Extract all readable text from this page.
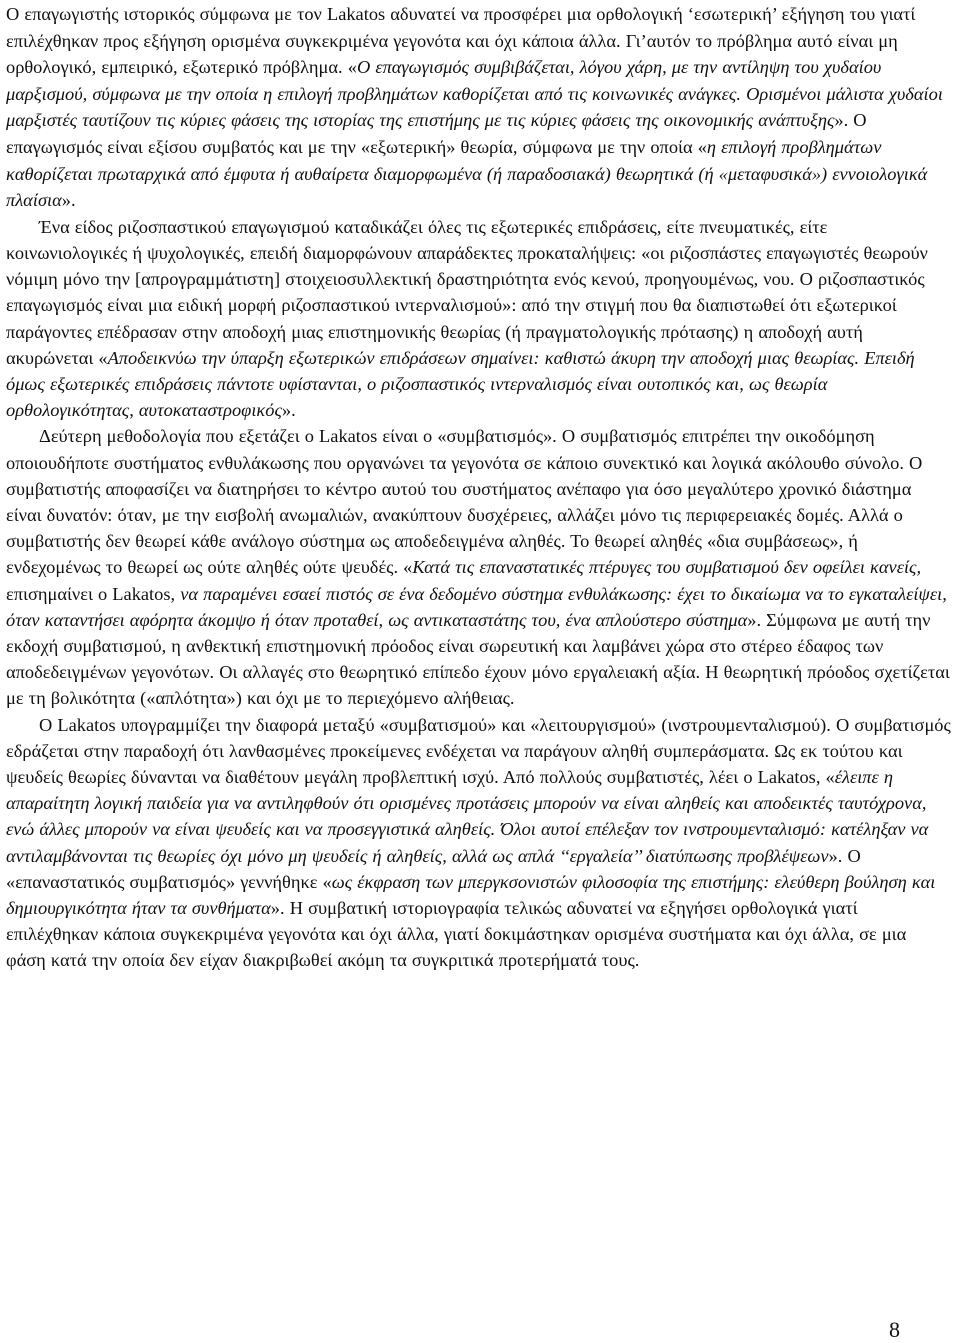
Ο επαγωγιστής ιστορικός σύμφωνα με τον Lakatos αδυνατεί να προσφέρει μια ορθολογική ‘εσωτερική’ εξήγηση του γιατί επιλέχθηκαν προς εξήγηση ορισμένα συγκεκριμένα γεγονότα και όχι κάποια άλλα. Γι’αυτόν το πρόβλημα αυτό είναι μη ορθολογικό, εμπειρικό, εξωτερικό πρόβλημα. «Ο επαγωγισμός συμβιβάζεται, λόγου χάρη, με την αντίληψη του χυδαίου μαρξισμού, σύμφωνα με την οποία η επιλογή προβλημάτων καθορίζεται από τις κοινωνικές ανάγκες. Ορισμένοι μάλιστα χυδαίοι μαρξιστές ταυτίζουν τις κύριες φάσεις της ιστορίας της επιστήμης με τις κύριες φάσεις της οικονομικής ανάπτυξης». Ο επαγωγισμός είναι εξίσου συμβατός και με την «εξωτερική» θεωρία, σύμφωνα με την οποία «η επιλογή προβλημάτων καθορίζεται πρωταρχικά από έμφυτα ή αυθαίρετα διαμορφωμένα (ή παραδοσιακά) θεωρητικά (ή «μεταφυσικά») εννοιολογικά πλαίσια».

Ένα είδος ριζοσπαστικού επαγωγισμού καταδικάζει όλες τις εξωτερικές επιδράσεις, είτε πνευματικές, είτε κοινωνιολογικές ή ψυχολογικές, επειδή διαμορφώνουν απαράδεκτες προκαταλήψεις: «οι ριζοσπάστες επαγωγιστές θεωρούν νόμιμη μόνο την [απρογραμμάτιστη] στοιχειοσυλλεκτική δραστηριότητα ενός κενού, προηγουμένως, νου. Ο ριζοσπαστικός επαγωγισμός είναι μια ειδική μορφή ριζοσπαστικού ιντερναλισμού»: από την στιγμή που θα διαπιστωθεί ότι εξωτερικοί παράγοντες επέδρασαν στην αποδοχή μιας επιστημονικής θεωρίας (ή πραγματολογικής πρότασης) η αποδοχή αυτή ακυρώνεται «Αποδεικνύω την ύπαρξη εξωτερικών επιδράσεων σημαίνει: καθιστώ άκυρη την αποδοχή μιας θεωρίας. Επειδή όμως εξωτερικές επιδράσεις πάντοτε υφίστανται, ο ριζοσπαστικός ιντερναλισμός είναι ουτοπικός και, ως θεωρία ορθολογικότητας, αυτοκαταστροφικός».

Δεύτερη μεθοδολογία που εξετάζει ο Lakatos είναι ο «συμβατισμός». Ο συμβατισμός επιτρέπει την οικοδόμηση οποιουδήποτε συστήματος ενθυλάκωσης που οργανώνει τα γεγονότα σε κάποιο συνεκτικό και λογικά ακόλουθο σύνολο. Ο συμβατιστής αποφασίζει να διατηρήσει το κέντρο αυτού του συστήματος ανέπαφο για όσο μεγαλύτερο χρονικό διάστημα είναι δυνατόν: όταν, με την εισβολή ανωμαλιών, ανακύπτουν δυσχέρειες, αλλάζει μόνο τις περιφερειακές δομές. Αλλά ο συμβατιστής δεν θεωρεί κάθε ανάλογο σύστημα ως αποδεδειγμένα αληθές. Το θεωρεί αληθές «δια συμβάσεως», ή ενδεχομένως το θεωρεί ως ούτε αληθές ούτε ψευδές. «Κατά τις επαναστατικές πτέρυγες του συμβατισμού δεν οφείλει κανείς, επισημαίνει ο Lakatos, να παραμένει εσαεί πιστός σε ένα δεδομένο σύστημα ενθυλάκωσης: έχει το δικαίωμα να το εγκαταλείψει, όταν καταντήσει αφόρητα άκομψο ή όταν προταθεί, ως αντικαταστάτης του, ένα απλούστερο σύστημα». Σύμφωνα με αυτή την εκδοχή συμβατισμού, η ανθεκτική επιστημονική πρόοδος είναι σωρευτική και λαμβάνει χώρα στο στέρεο έδαφος των αποδεδειγμένων γεγονότων. Οι αλλαγές στο θεωρητικό επίπεδο έχουν μόνο εργαλειακή αξία. Η θεωρητική πρόοδος σχετίζεται με τη βολικότητα («απλότητα») και όχι με το περιεχόμενο αλήθειας.

Ο Lakatos υπογραμμίζει την διαφορά μεταξύ «συμβατισμού» και «λειτουργισμού» (ινστρουμενταλισμού). Ο συμβατισμός εδράζεται στην παραδοχή ότι λανθασμένες προκείμενες ενδέχεται να παράγουν αληθή συμπεράσματα. Ως εκ τούτου και ψευδείς θεωρίες δύνανται να διαθέτουν μεγάλη προβλεπτική ισχύ. Από πολλούς συμβατιστές, λέει ο Lakatos, «έλειπε η απαραίτητη λογική παιδεία για να αντιληφθούν ότι ορισμένες προτάσεις μπορούν να είναι αληθείς και αποδεικτές ταυτόχρονα, ενώ άλλες μπορούν να είναι ψευδείς και να προσεγγιστικά αληθείς. Όλοι αυτοί επέλεξαν τον ινστρουμενταλισμό: κατέληξαν να αντιλαμβάνονται τις θεωρίες όχι μόνο μη ψευδείς ή αληθείς, αλλά ως απλά ‘‘εργαλεία’’ διατύπωσης προβλέψεων». Ο «επαναστατικός συμβατισμός» γεννήθηκε «ως έκφραση των μπεργκσονιστών φιλοσοφία της επιστήμης: ελεύθερη βούληση και δημιουργικότητα ήταν τα συνθήματα». Η συμβατική ιστοριογραφία τελικώς αδυνατεί να εξηγήσει ορθολογικά γιατί επιλέχθηκαν κάποια συγκεκριμένα γεγονότα και όχι άλλα, γιατί δοκιμάστηκαν ορισμένα συστήματα και όχι άλλα, σε μια φάση κατά την οποία δεν είχαν διακριβωθεί ακόμη τα συγκριτικά προτερήματά τους.

8
